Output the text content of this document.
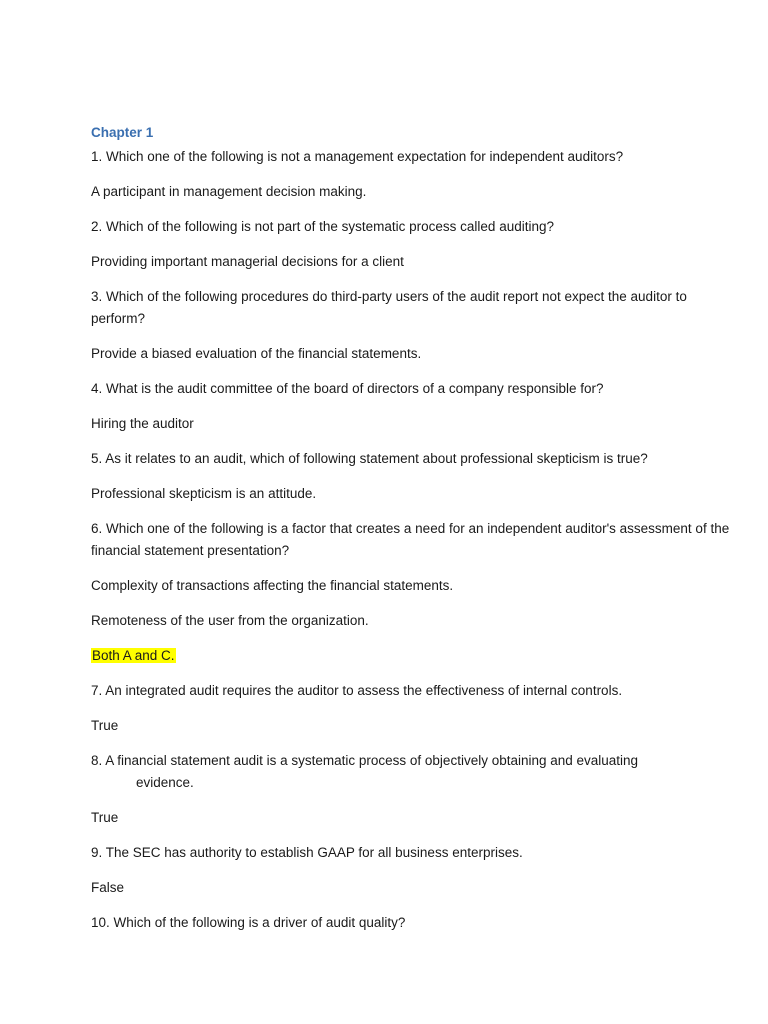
Chapter 1
1. Which one of the following is not a management expectation for independent auditors?
A participant in management decision making.
2. Which of the following is not part of the systematic process called auditing?
Providing important managerial decisions for a client
3. Which of the following procedures do third-party users of the audit report not expect the auditor to perform?
Provide a biased evaluation of the financial statements.
4. What is the audit committee of the board of directors of a company responsible for?
Hiring the auditor
5. As it relates to an audit, which of following statement about professional skepticism is true?
Professional skepticism is an attitude.
6. Which one of the following is a factor that creates a need for an independent auditor's assessment of the financial statement presentation?
Complexity of transactions affecting the financial statements.
Remoteness of the user from the organization.
Both A and C.
7. An integrated audit requires the auditor to assess the effectiveness of internal controls.
True
8. A financial statement audit is a systematic process of objectively obtaining and evaluating
evidence.
True
9. The SEC has authority to establish GAAP for all business enterprises.
False
10. Which of the following is a driver of audit quality?
